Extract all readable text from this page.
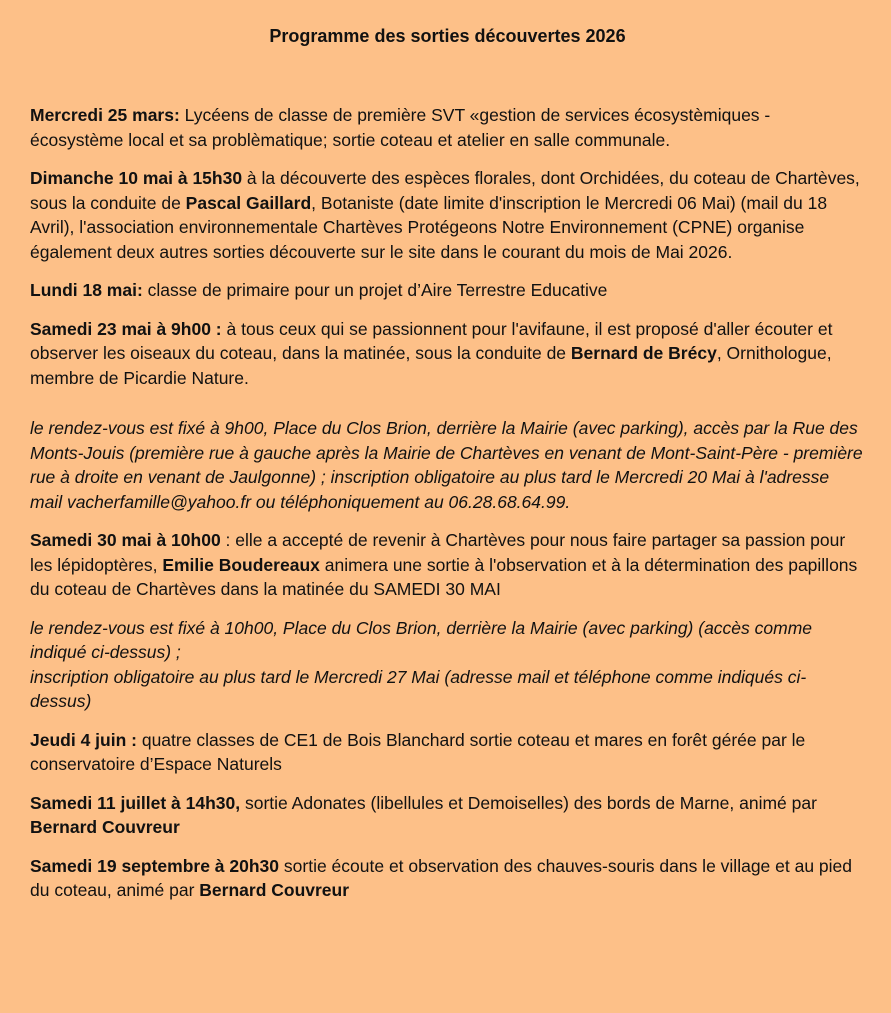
Programme des sorties découvertes 2026

Mercredi 25 mars: Lycéens de classe de première SVT «gestion de services écosystèmiques - écosystème local et sa problèmatique; sortie coteau et atelier en salle communale.

Dimanche 10 mai à 15h30 à la découverte des espèces florales, dont Orchidées, du coteau de Chartèves, sous la conduite de Pascal Gaillard, Botaniste (date limite d'inscription le Mercredi 06 Mai) (mail du 18 Avril), l'association environnementale Chartèves Protégeons Notre Environnement (CPNE) organise également deux autres sorties découverte sur le site dans le courant du mois de Mai 2026.

Lundi 18 mai: classe de primaire pour un projet d’Aire Terrestre Educative

Samedi 23 mai à 9h00 : à tous ceux qui se passionnent pour l'avifaune, il est proposé d'aller écouter et observer les oiseaux du coteau, dans la matinée, sous la conduite de Bernard de Brécy, Ornithologue, membre de Picardie Nature.

le rendez-vous est fixé à 9h00, Place du Clos Brion, derrière la Mairie (avec parking), accès par la Rue des Monts-Jouis (première rue à gauche après la Mairie de Chartèves en venant de Mont-Saint-Père - première rue à droite en venant de Jaulgonne) ; inscription obligatoire au plus tard le Mercredi 20 Mai à l'adresse mail vacherfamille@yahoo.fr ou téléphoniquement au 06.28.68.64.99.

Samedi 30 mai à 10h00 : elle a accepté de revenir à Chartèves pour nous faire partager sa passion pour les lépidoptères, Emilie Boudereaux animera une sortie à l'observation et à la détermination des papillons du coteau de Chartèves dans la matinée du SAMEDI 30 MAI

le rendez-vous est fixé à 10h00, Place du Clos Brion, derrière la Mairie (avec parking) (accès comme indiqué ci-dessus) ;
inscription obligatoire au plus tard le Mercredi 27 Mai (adresse mail et téléphone comme indiqués ci-dessus)

Jeudi 4 juin : quatre classes de CE1 de Bois Blanchard sortie coteau et mares en forêt gérée par le conservatoire d’Espace Naturels

Samedi 11 juillet à 14h30, sortie Adonates (libellules et Demoiselles) des bords de Marne, animé par Bernard Couvreur

Samedi 19 septembre à 20h30 sortie écoute et observation des chauves-souris dans le village et au pied du coteau, animé par Bernard Couvreur
